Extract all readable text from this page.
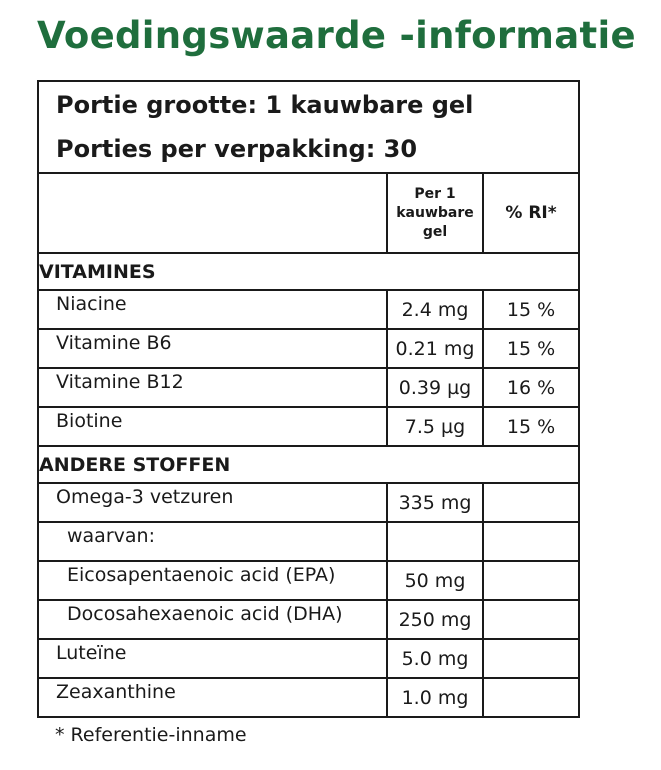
Voedingswaarde -informatie
Portie grootte: 1 kauwbare gel
Porties per verpakking: 30		

	Per 1
kauwbare
gel	% RI*
VITAMINES		
Niacine	2.4 mg	15 %
Vitamine B6	0.21 mg	15 %
Vitamine B12	0.39 µg	16 %
Biotine	7.5 µg	15 %
ANDERE STOFFEN		
Omega-3 vetzuren	335 mg	
waarvan:		
Eicosapentaenoic acid (EPA)	50 mg	
Docosahexaenoic acid (DHA)	250 mg	
Luteïne	5.0 mg	
Zeaxanthine	1.0 mg	
* Referentie-inname
